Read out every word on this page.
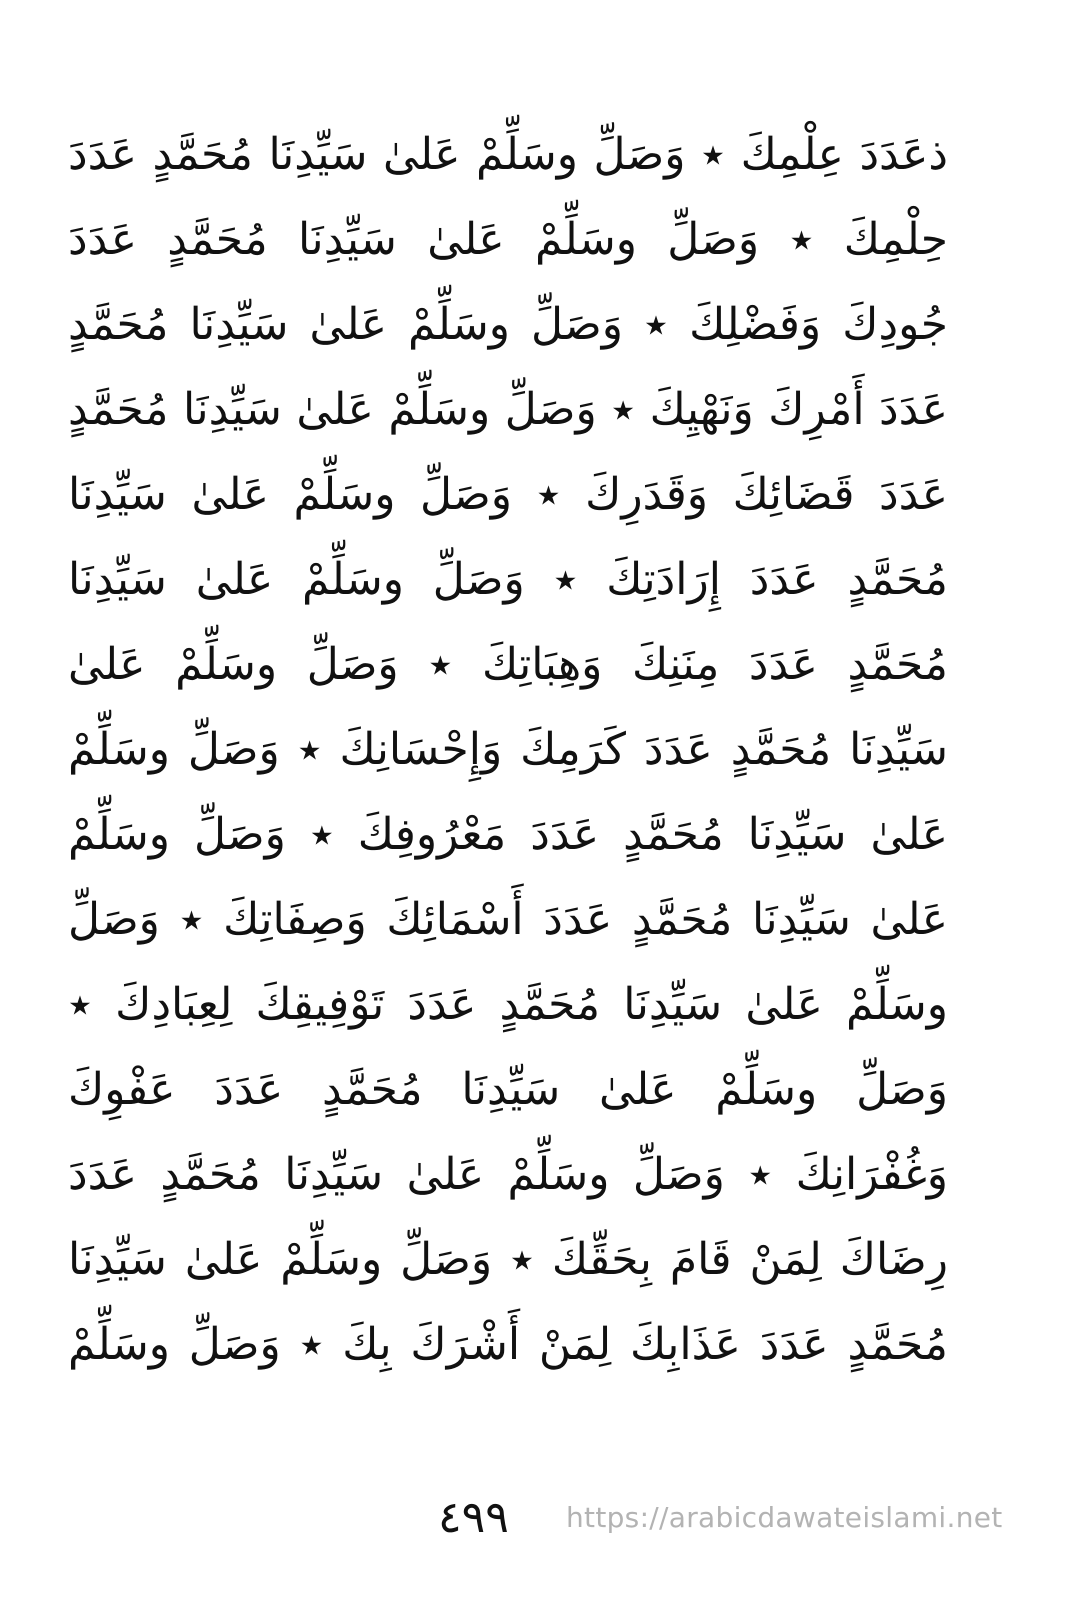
ذعَدَدَ عِلْمِكَ ٭ وَصَلِّ وسَلِّمْ عَلىٰ سَيِّدِنَا مُحَمَّدٍ عَدَدَ
حِلْمِكَ ٭ وَصَلِّ وسَلِّمْ عَلىٰ سَيِّدِنَا مُحَمَّدٍ عَدَدَ
جُودِكَ وَفَضْلِكَ ٭ وَصَلِّ وسَلِّمْ عَلىٰ سَيِّدِنَا مُحَمَّدٍ
عَدَدَ أَمْرِكَ وَنَهْيِكَ ٭ وَصَلِّ وسَلِّمْ عَلىٰ سَيِّدِنَا مُحَمَّدٍ
عَدَدَ قَضَائِكَ وَقَدَرِكَ ٭ وَصَلِّ وسَلِّمْ عَلىٰ سَيِّدِنَا
مُحَمَّدٍ عَدَدَ إِرَادَتِكَ ٭ وَصَلِّ وسَلِّمْ عَلىٰ سَيِّدِنَا
مُحَمَّدٍ عَدَدَ مِنَنِكَ وَهِبَاتِكَ ٭ وَصَلِّ وسَلِّمْ عَلىٰ
سَيِّدِنَا مُحَمَّدٍ عَدَدَ كَرَمِكَ وَإِحْسَانِكَ ٭ وَصَلِّ وسَلِّمْ
عَلىٰ سَيِّدِنَا مُحَمَّدٍ عَدَدَ مَعْرُوفِكَ ٭ وَصَلِّ وسَلِّمْ
عَلىٰ سَيِّدِنَا مُحَمَّدٍ عَدَدَ أَسْمَائِكَ وَصِفَاتِكَ ٭ وَصَلِّ
وسَلِّمْ عَلىٰ سَيِّدِنَا مُحَمَّدٍ عَدَدَ تَوْفِيقِكَ لِعِبَادِكَ ٭
وَصَلِّ وسَلِّمْ عَلىٰ سَيِّدِنَا مُحَمَّدٍ عَدَدَ عَفْوِكَ
وَغُفْرَانِكَ ٭ وَصَلِّ وسَلِّمْ عَلىٰ سَيِّدِنَا مُحَمَّدٍ عَدَدَ
رِضَاكَ لِمَنْ قَامَ بِحَقِّكَ ٭ وَصَلِّ وسَلِّمْ عَلىٰ سَيِّدِنَا
مُحَمَّدٍ عَدَدَ عَذَابِكَ لِمَنْ أَشْرَكَ بِكَ ٭ وَصَلِّ وسَلِّمْ
٤٩٩ https://arabicdawateislami.net
